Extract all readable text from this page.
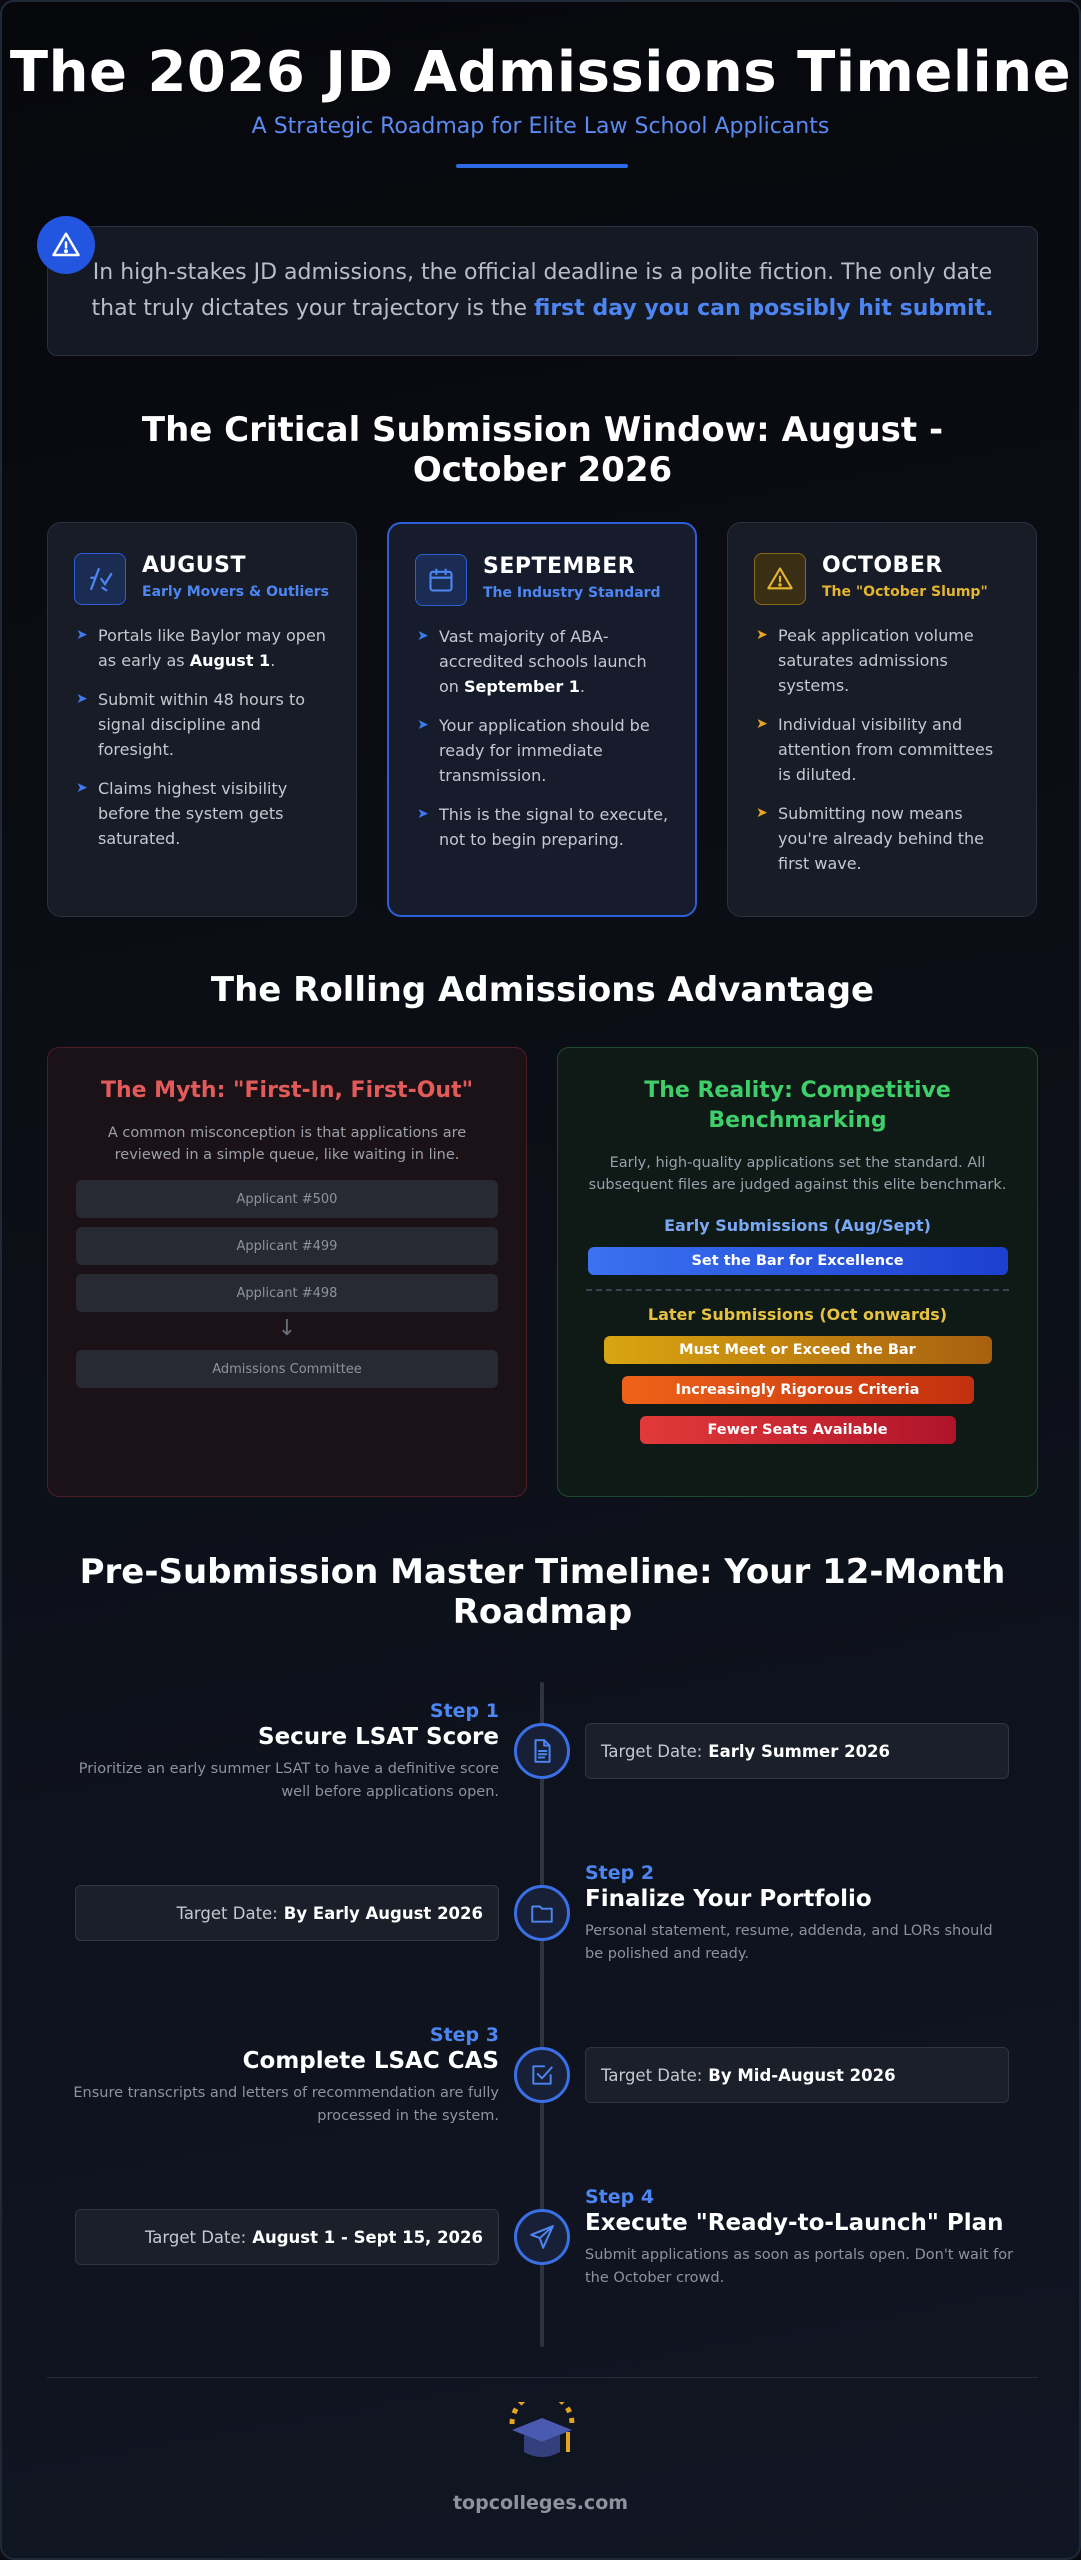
The 2026 JD Admissions Timeline
A Strategic Roadmap for Elite Law School Applicants
In high-stakes JD admissions, the official deadline is a polite fiction. The only date that truly dictates your trajectory is the first day you can possibly hit submit.
The Critical Submission Window: August - October 2026
AUGUST
Early Movers & Outliers
➤ Portals like Baylor may open as early as August 1.
➤ Submit within 48 hours to signal discipline and foresight.
➤ Claims highest visibility before the system gets saturated.
SEPTEMBER
The Industry Standard
➤ Vast majority of ABA-accredited schools launch on September 1.
➤ Your application should be ready for immediate transmission.
➤ This is the signal to execute, not to begin preparing.
OCTOBER
The "October Slump"
➤ Peak application volume saturates admissions systems.
➤ Individual visibility and attention from committees is diluted.
➤ Submitting now means you're already behind the first wave.
The Rolling Admissions Advantage
The Myth: "First-In, First-Out"
A common misconception is that applications are reviewed in a simple queue, like waiting in line.
Applicant #500
Applicant #499
Applicant #498
↓
Admissions Committee
The Reality: Competitive Benchmarking
Early, high-quality applications set the standard. All subsequent files are judged against this elite benchmark.
Early Submissions (Aug/Sept)
Set the Bar for Excellence
Later Submissions (Oct onwards)
Must Meet or Exceed the Bar
Increasingly Rigorous Criteria
Fewer Seats Available
Pre-Submission Master Timeline: Your 12-Month Roadmap
Step 1
Secure LSAT Score
Prioritize an early summer LSAT to have a definitive score well before applications open.
Target Date: Early Summer 2026
Target Date: By Early August 2026
Step 2
Finalize Your Portfolio
Personal statement, resume, addenda, and LORs should be polished and ready.
Step 3
Complete LSAC CAS
Ensure transcripts and letters of recommendation are fully processed in the system.
Target Date: By Mid-August 2026
Target Date: August 1 - Sept 15, 2026
Step 4
Execute "Ready-to-Launch" Plan
Submit applications as soon as portals open. Don't wait for the October crowd.
topcolleges.com
